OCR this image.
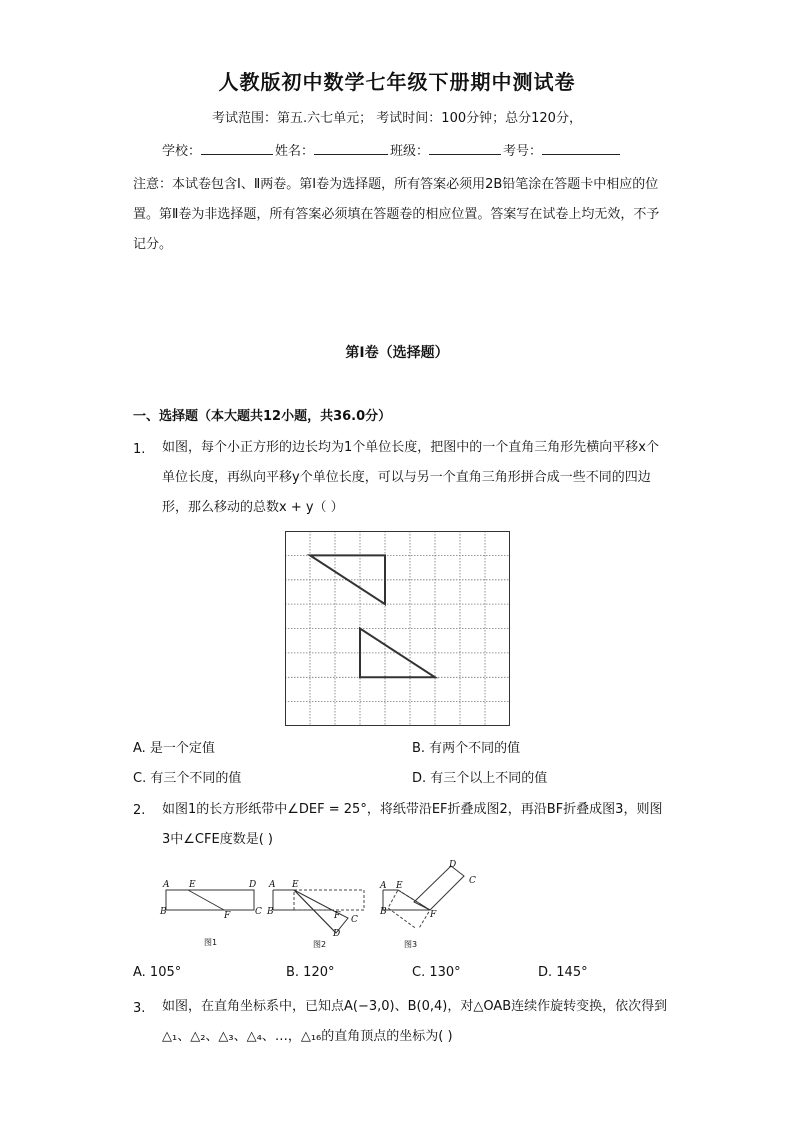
人教版初中数学七年级下册期中测试卷
考试范围：第五.六七单元； 考试时间：100分钟；总分120分，
学校：	姓名：	班级：	考号：
注意：本试卷包含Ⅰ、Ⅱ两卷。第Ⅰ卷为选择题，所有答案必须用2B铅笔涂在答题卡中相应的位置。第Ⅱ卷为非选择题，所有答案必须填在答题卷的相应位置。答案写在试卷上均无效，不予记分。
第Ⅰ卷（选择题）
一、选择题（本大题共12小题，共36.0分）
1. 如图，每个小正方形的边长均为1个单位长度，把图中的一个直角三角形先横向平移x个单位长度，再纵向平移y个单位长度，可以与另一个直角三角形拼合成一些不同的四边形，那么移动的总数x + y（ ）
A. 是一个定值	B. 有两个不同的值
C. 有三个不同的值	D. 有三个以上不同的值
2. 如图1的长方形纸带中∠DEF = 25°，将纸带沿EF折叠成图2，再沿BF折叠成图3，则图3中∠CFE度数是( )
A E	D
B	F	C
图1
A E
B	F C
D
图2
D
C
A E
B	F
图3
A. 105°	B. 120°	C. 130°	D. 145°
3. 如图，在直角坐标系中，已知点A(−3,0)、B(0,4)，对△OAB连续作旋转变换，依次得到△₁、△₂、△₃、△₄、…，△₁₆的直角顶点的坐标为( )
